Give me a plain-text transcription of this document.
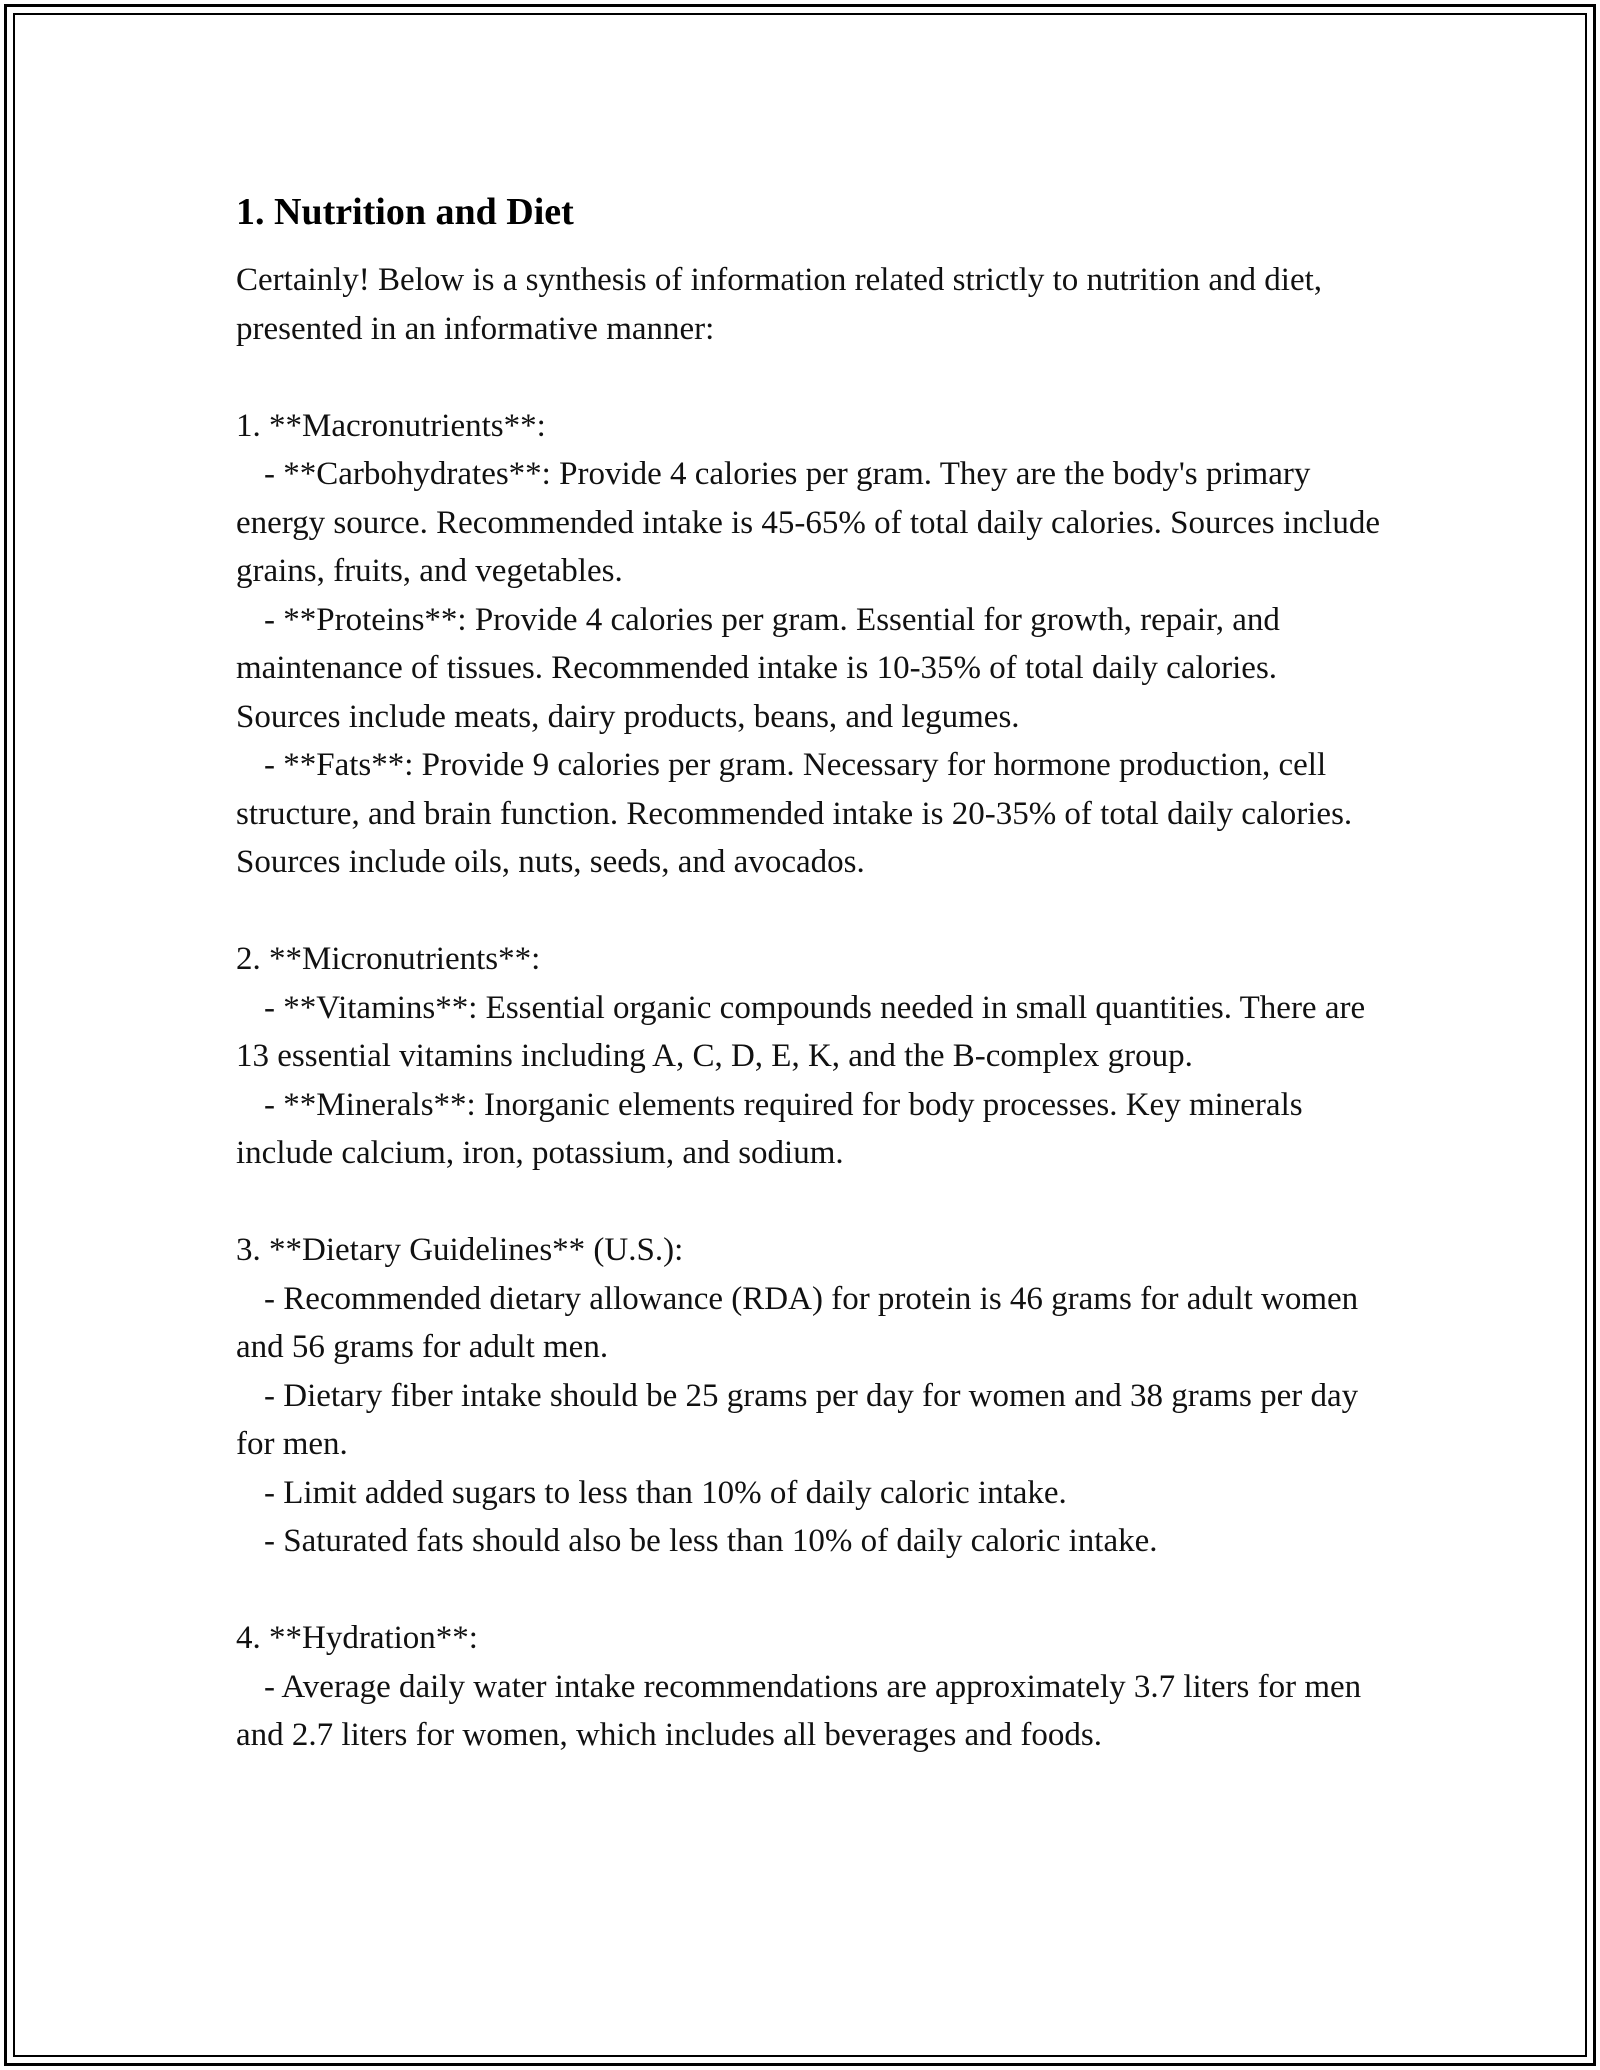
1. Nutrition and Diet

Certainly! Below is a synthesis of information related strictly to nutrition and diet, presented in an informative manner:

1. **Macronutrients**:

- **Carbohydrates**: Provide 4 calories per gram. They are the body's primary energy source. Recommended intake is 45-65% of total daily calories. Sources include grains, fruits, and vegetables.

- **Proteins**: Provide 4 calories per gram. Essential for growth, repair, and maintenance of tissues. Recommended intake is 10-35% of total daily calories. Sources include meats, dairy products, beans, and legumes.

- **Fats**: Provide 9 calories per gram. Necessary for hormone production, cell structure, and brain function. Recommended intake is 20-35% of total daily calories. Sources include oils, nuts, seeds, and avocados.

2. **Micronutrients**:

- **Vitamins**: Essential organic compounds needed in small quantities. There are 13 essential vitamins including A, C, D, E, K, and the B-complex group.

- **Minerals**: Inorganic elements required for body processes. Key minerals include calcium, iron, potassium, and sodium.

3. **Dietary Guidelines** (U.S.):

- Recommended dietary allowance (RDA) for protein is 46 grams for adult women and 56 grams for adult men.

- Dietary fiber intake should be 25 grams per day for women and 38 grams per day for men.

- Limit added sugars to less than 10% of daily caloric intake.

- Saturated fats should also be less than 10% of daily caloric intake.

4. **Hydration**:

- Average daily water intake recommendations are approximately 3.7 liters for men and 2.7 liters for women, which includes all beverages and foods.
